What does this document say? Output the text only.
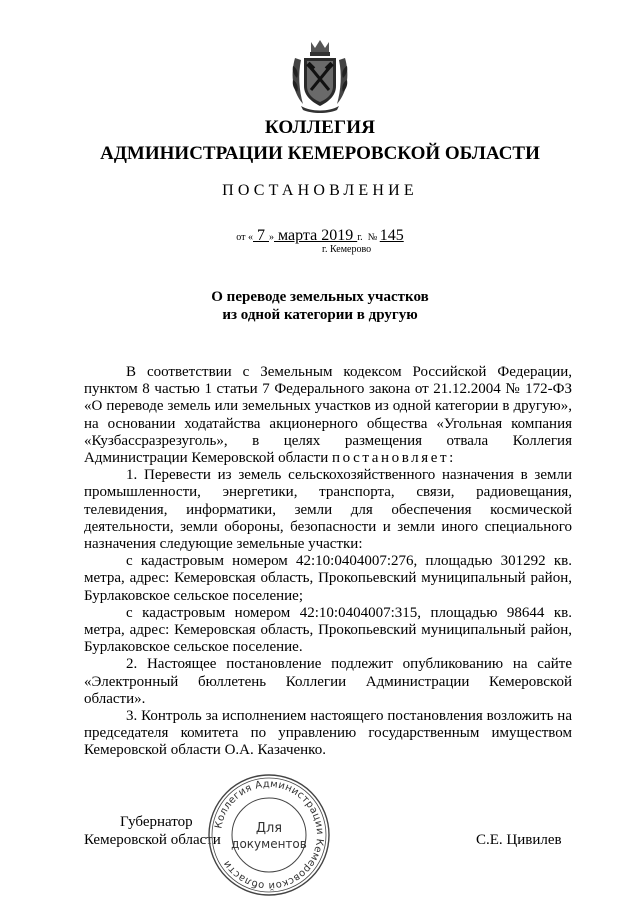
КОЛЛЕГИЯ
АДМИНИСТРАЦИИ КЕМЕРОВСКОЙ ОБЛАСТИ
ПОСТАНОВЛЕНИЕ
от « 7 » марта 2019 г. № 145
г. Кемерово
О переводе земельных участков
из одной категории в другую

В соответствии с Земельным кодексом Российской Федерации, пунктом 8 частью 1 статьи 7 Федерального закона от 21.12.2004 № 172-ФЗ «О переводе земель или земельных участков из одной категории в другую», на основании ходатайства акционерного общества «Угольная компания «Кузбассразрезуголь», в целях размещения отвала Коллегия Администрации Кемеровской области постановляет:

1. Перевести из земель сельскохозяйственного назначения в земли промышленности, энергетики, транспорта, связи, радиовещания, телевидения, информатики, земли для обеспечения космической деятельности, земли обороны, безопасности и земли иного специального назначения следующие земельные участки:

с кадастровым номером 42:10:0404007:276, площадью 301292 кв. метра, адрес: Кемеровская область, Прокопьевский муниципальный район, Бурлаковское сельское поселение;

с кадастровым номером 42:10:0404007:315, площадью 98644 кв. метра, адрес: Кемеровская область, Прокопьевский муниципальный район, Бурлаковское сельское поселение.

2. Настоящее постановление подлежит опубликованию на сайте «Электронный бюллетень Коллегии Администрации Кемеровской области».

3. Контроль за исполнением настоящего постановления возложить на председателя комитета по управлению государственным имуществом Кемеровской области О.А. Казаченко.

Губернатор
Кемеровской области	С.Е. Цивилев
Коллегия Администрации Кемеровской области
Для
документов
